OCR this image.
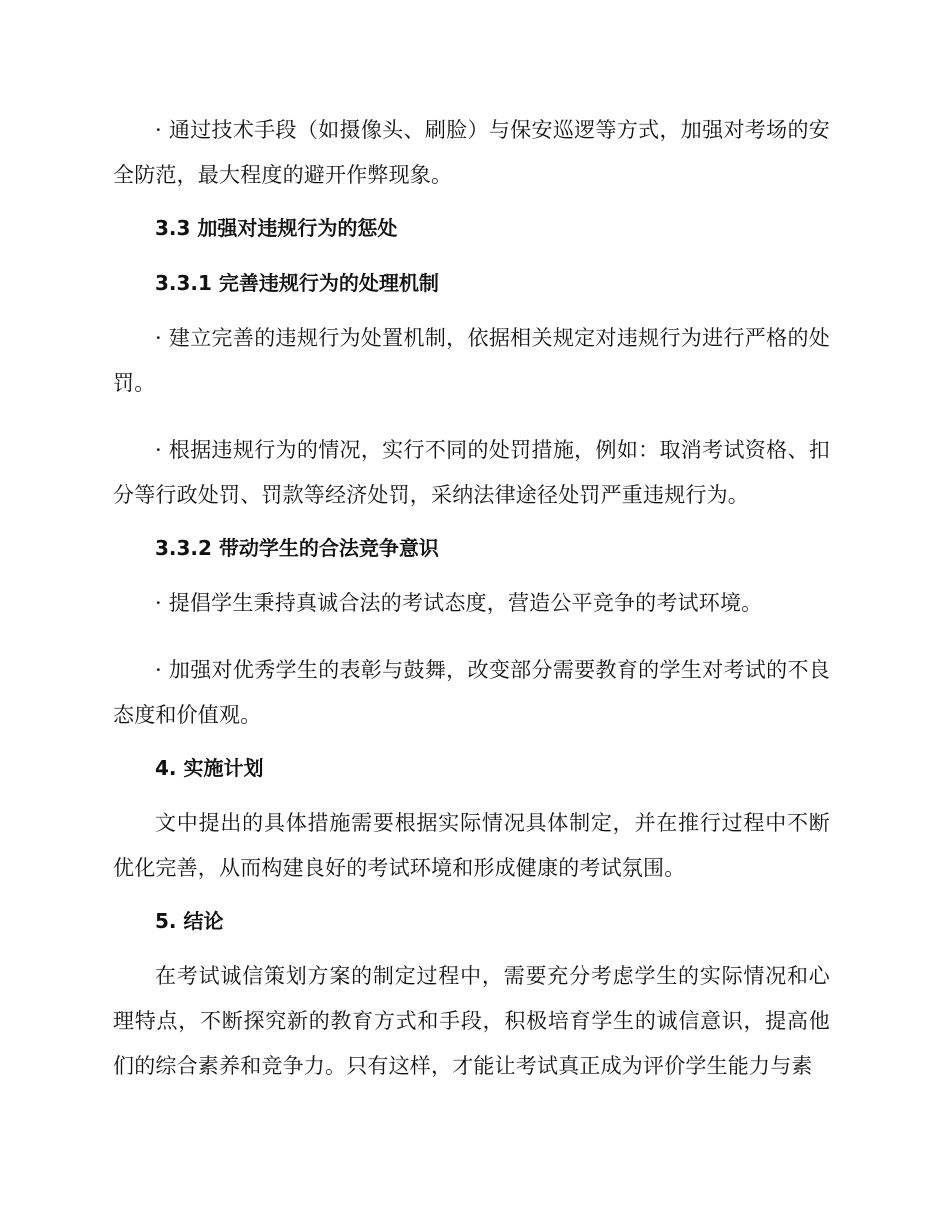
· 通过技术手段（如摄像头、刷脸）与保安巡逻等方式，加强对考场的安全防范，最大程度的避开作弊现象。

3.3 加强对违规行为的惩处
3.3.1 完善违规行为的处理机制

· 建立完善的违规行为处置机制，依据相关规定对违规行为进行严格的处罚。

· 根据违规行为的情况，实行不同的处罚措施，例如：取消考试资格、扣分等行政处罚、罚款等经济处罚，采纳法律途径处罚严重违规行为。

3.3.2 带动学生的合法竞争意识

· 提倡学生秉持真诚合法的考试态度，营造公平竞争的考试环境。

· 加强对优秀学生的表彰与鼓舞，改变部分需要教育的学生对考试的不良态度和价值观。

4. 实施计划

文中提出的具体措施需要根据实际情况具体制定，并在推行过程中不断优化完善，从而构建良好的考试环境和形成健康的考试氛围。

5. 结论

在考试诚信策划方案的制定过程中，需要充分考虑学生的实际情况和心理特点，不断探究新的教育方式和手段，积极培育学生的诚信意识，提高他们的综合素养和竞争力。只有这样，才能让考试真正成为评价学生能力与素
